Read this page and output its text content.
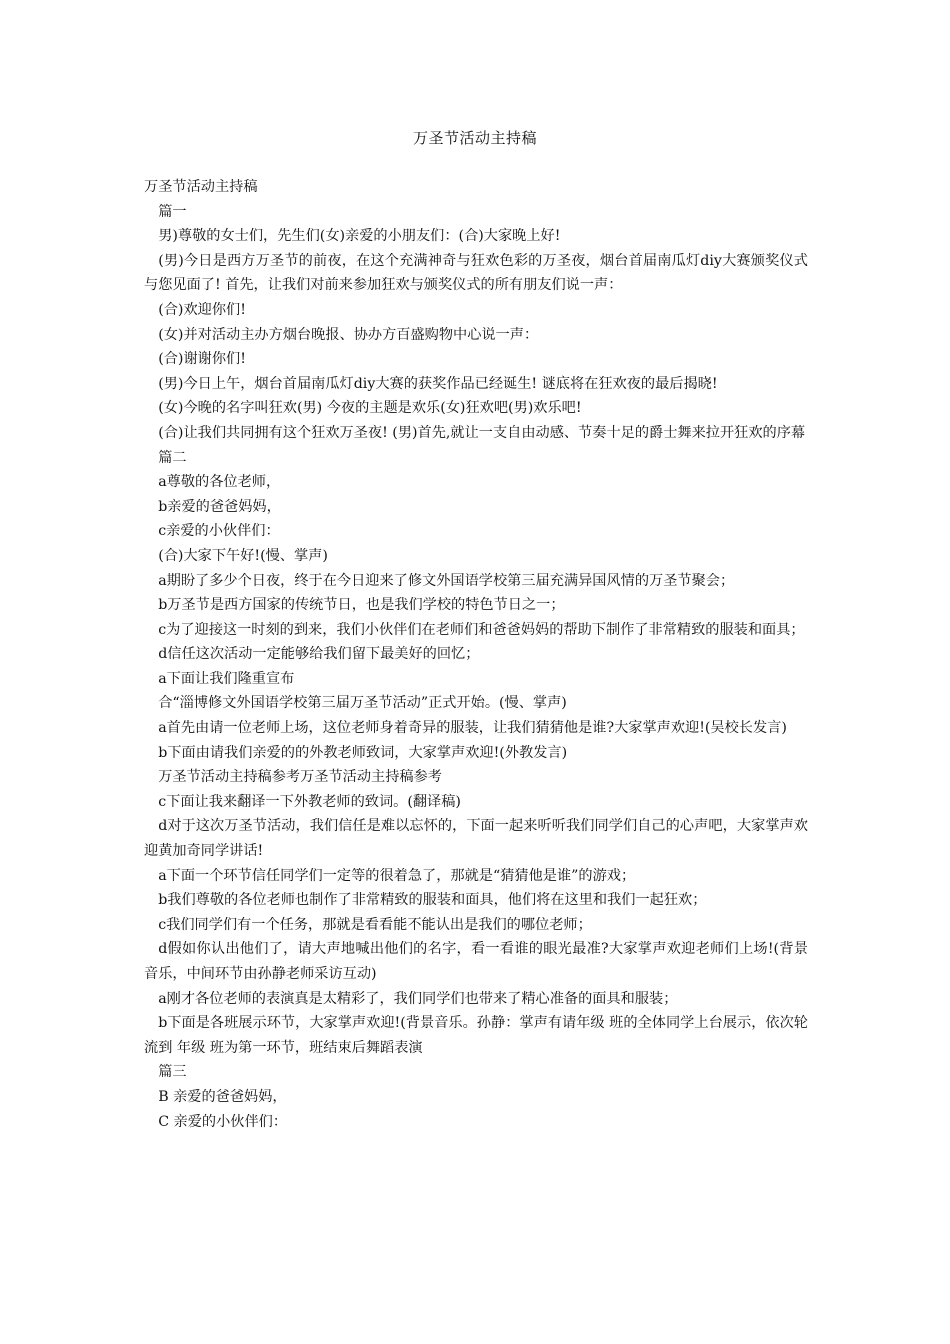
万圣节活动主持稿

万圣节活动主持稿

篇一

男)尊敬的女士们，先生们(女)亲爱的小朋友们：(合)大家晚上好!

(男)今日是西方万圣节的前夜，在这个充满神奇与狂欢色彩的万圣夜，烟台首届南瓜灯diy大赛颁奖仪式与您见面了! 首先，让我们对前来参加狂欢与颁奖仪式的所有朋友们说一声：

(合)欢迎你们!

(女)并对活动主办方烟台晚报、协办方百盛购物中心说一声：

(合)谢谢你们!

(男)今日上午，烟台首届南瓜灯diy大赛的获奖作品已经诞生! 谜底将在狂欢夜的最后揭晓!

(女)今晚的名字叫狂欢(男) 今夜的主题是欢乐(女)狂欢吧(男)欢乐吧!

(合)让我们共同拥有这个狂欢万圣夜! (男)首先,就让一支自由动感、节奏十足的爵士舞来拉开狂欢的序幕

篇二

a尊敬的各位老师，

b亲爱的爸爸妈妈，

c亲爱的小伙伴们：

(合)大家下午好!(慢、掌声)

a期盼了多少个日夜，终于在今日迎来了修文外国语学校第三届充满异国风情的万圣节聚会；

b万圣节是西方国家的传统节日，也是我们学校的特色节日之一；

c为了迎接这一时刻的到来，我们小伙伴们在老师们和爸爸妈妈的帮助下制作了非常精致的服装和面具；

d信任这次活动一定能够给我们留下最美好的回忆；

a下面让我们隆重宣布

合“淄博修文外国语学校第三届万圣节活动”正式开始。(慢、掌声)

a首先由请一位老师上场，这位老师身着奇异的服装，让我们猜猜他是谁?大家掌声欢迎!(吴校长发言)

b下面由请我们亲爱的的外教老师致词，大家掌声欢迎!(外教发言)

万圣节活动主持稿参考万圣节活动主持稿参考

c下面让我来翻译一下外教老师的致词。(翻译稿)

d对于这次万圣节活动，我们信任是难以忘怀的，下面一起来听听我们同学们自己的心声吧，大家掌声欢迎黄加奇同学讲话!

a下面一个环节信任同学们一定等的很着急了，那就是“猜猜他是谁”的游戏；

b我们尊敬的各位老师也制作了非常精致的服装和面具，他们将在这里和我们一起狂欢；

c我们同学们有一个任务，那就是看看能不能认出是我们的哪位老师；

d假如你认出他们了，请大声地喊出他们的名字，看一看谁的眼光最准?大家掌声欢迎老师们上场!(背景音乐，中间环节由孙静老师采访互动)

a刚才各位老师的表演真是太精彩了，我们同学们也带来了精心准备的面具和服装；

b下面是各班展示环节，大家掌声欢迎!(背景音乐。孙静：掌声有请年级 班的全体同学上台展示，依次轮流到 年级 班为第一环节，班结束后舞蹈表演

篇三

B 亲爱的爸爸妈妈，

C 亲爱的小伙伴们：
